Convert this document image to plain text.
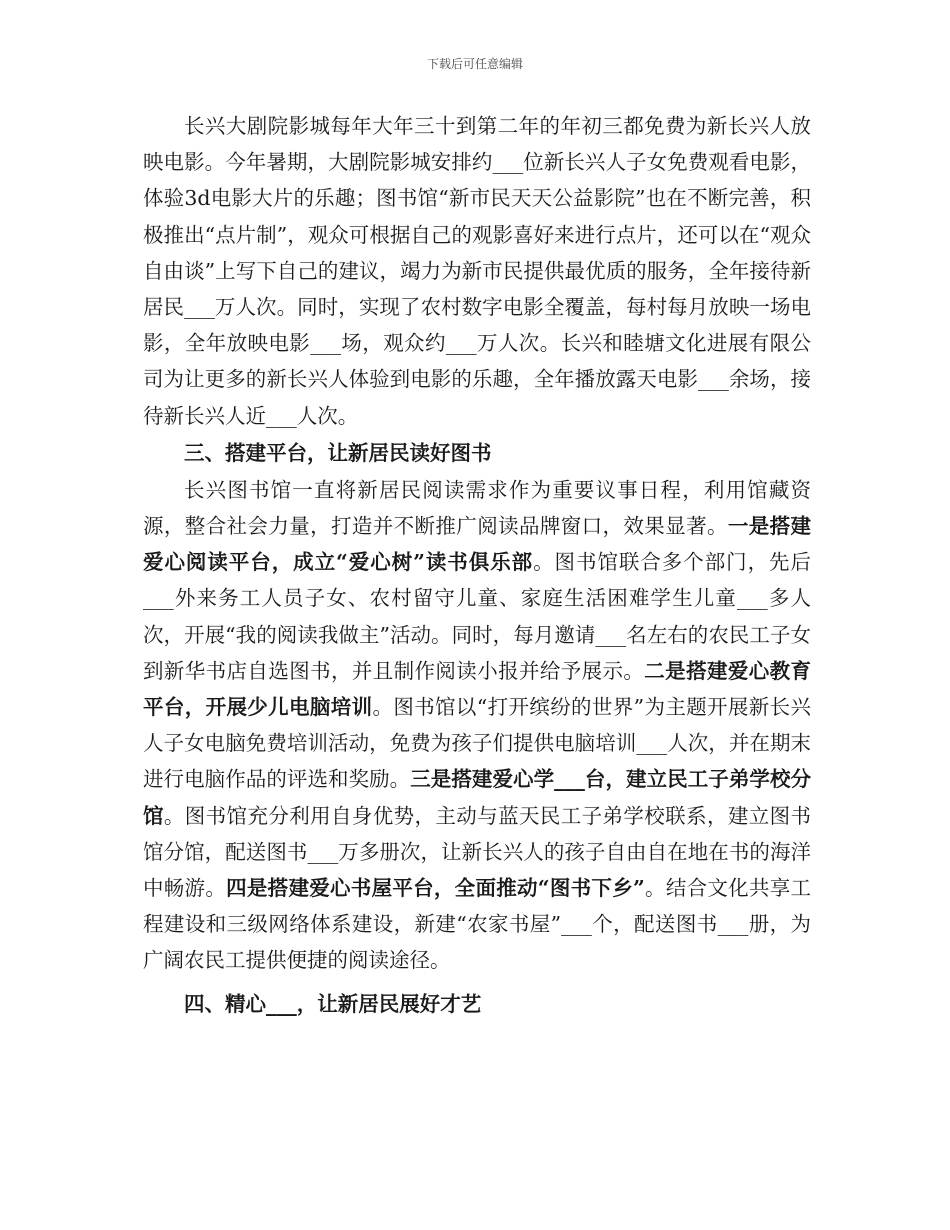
下载后可任意编辑

长兴大剧院影城每年大年三十到第二年的年初三都免费为新长兴人放映电影。今年暑期，大剧院影城安排约___位新长兴人子女免费观看电影，体验3d电影大片的乐趣；图书馆“新市民天天公益影院”也在不断完善，积极推出“点片制”，观众可根据自己的观影喜好来进行点片，还可以在“观众自由谈”上写下自己的建议，竭力为新市民提供最优质的服务，全年接待新居民___万人次。同时，实现了农村数字电影全覆盖，每村每月放映一场电影，全年放映电影___场，观众约___万人次。长兴和睦塘文化进展有限公司为让更多的新长兴人体验到电影的乐趣，全年播放露天电影___余场，接待新长兴人近___人次。

三、搭建平台，让新居民读好图书

长兴图书馆一直将新居民阅读需求作为重要议事日程，利用馆藏资源，整合社会力量，打造并不断推广阅读品牌窗口，效果显著。一是搭建爱心阅读平台，成立“爱心树”读书俱乐部。图书馆联合多个部门，先后___外来务工人员子女、农村留守儿童、家庭生活困难学生儿童___多人次，开展“我的阅读我做主”活动。同时，每月邀请___名左右的农民工子女到新华书店自选图书，并且制作阅读小报并给予展示。二是搭建爱心教育平台，开展少儿电脑培训。图书馆以“打开缤纷的世界”为主题开展新长兴人子女电脑免费培训活动，免费为孩子们提供电脑培训___人次，并在期末进行电脑作品的评选和奖励。三是搭建爱心学___台，建立民工子弟学校分馆。图书馆充分利用自身优势，主动与蓝天民工子弟学校联系，建立图书馆分馆，配送图书___万多册次，让新长兴人的孩子自由自在地在书的海洋中畅游。四是搭建爱心书屋平台，全面推动“图书下乡”。结合文化共享工程建设和三级网络体系建设，新建“农家书屋”___个，配送图书___册，为广阔农民工提供便捷的阅读途径。

四、精心___，让新居民展好才艺
